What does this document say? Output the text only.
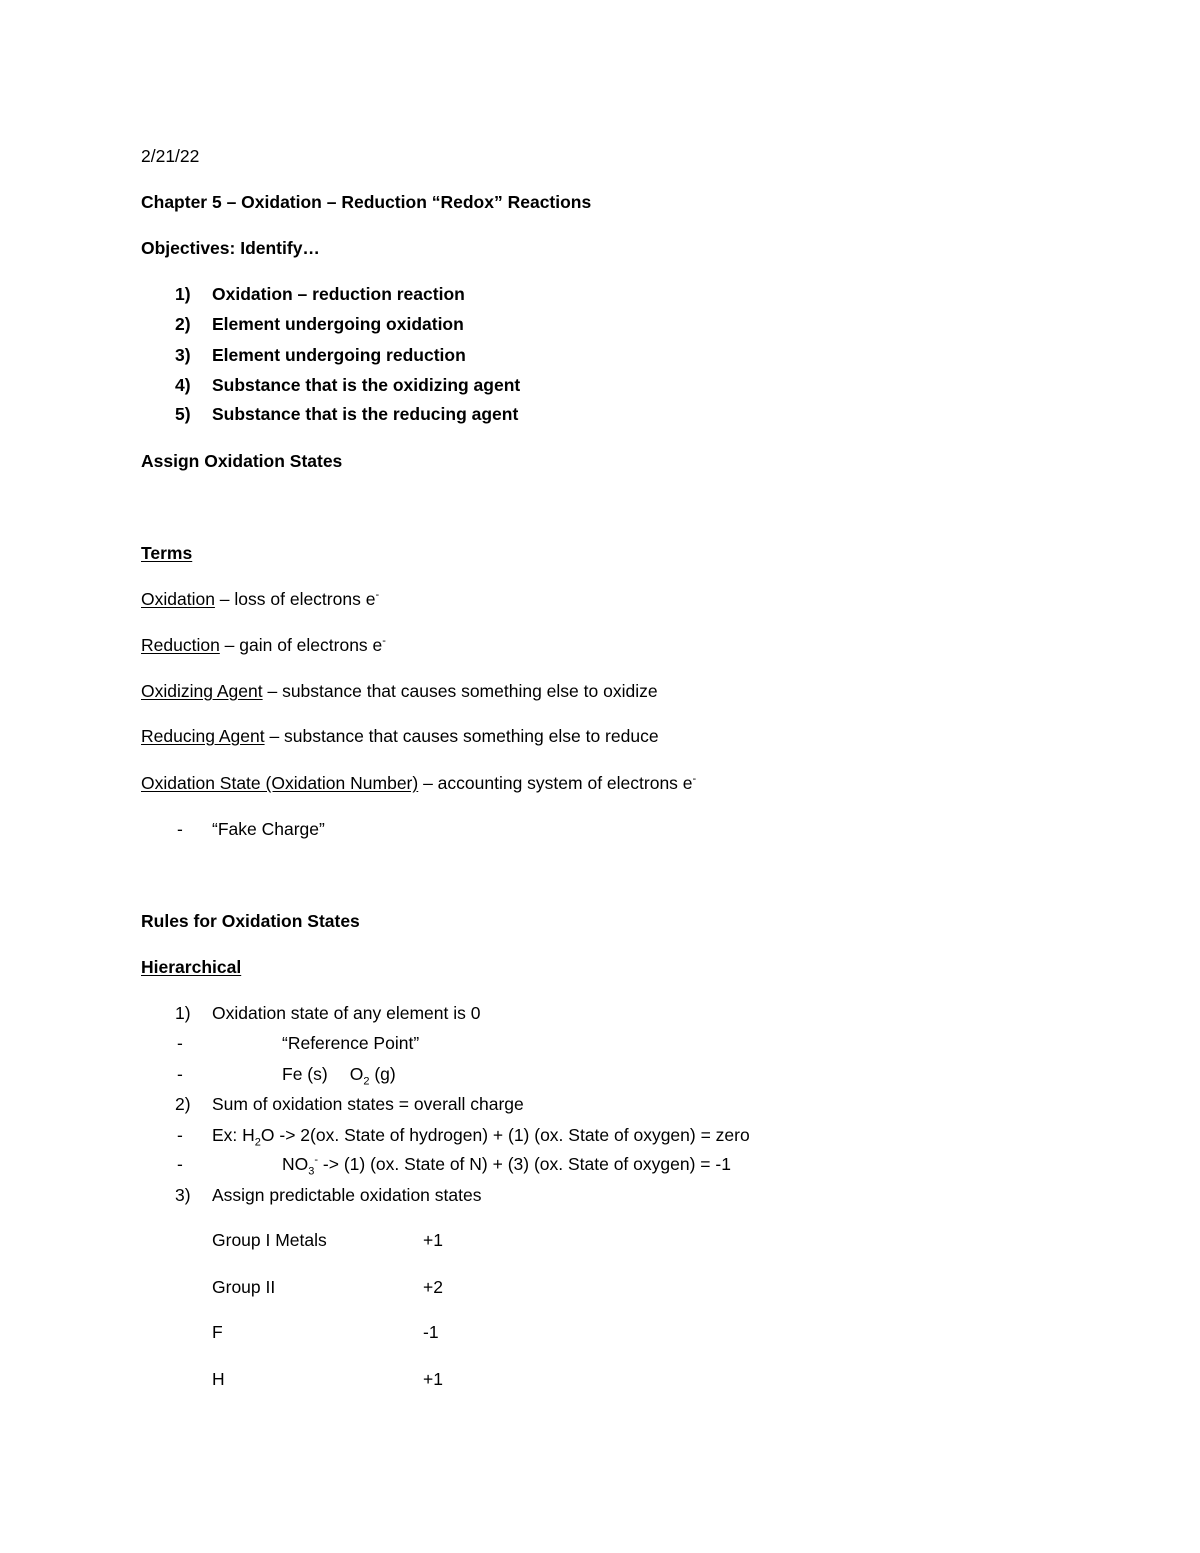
2/21/22
Chapter 5 – Oxidation – Reduction “Redox” Reactions
Objectives: Identify…
1) Oxidation – reduction reaction
2) Element undergoing oxidation
3) Element undergoing reduction
4) Substance that is the oxidizing agent
5) Substance that is the reducing agent
Assign Oxidation States
Terms
Oxidation – loss of electrons e-
Reduction – gain of electrons e-
Oxidizing Agent – substance that causes something else to oxidize
Reducing Agent – substance that causes something else to reduce
Oxidation State (Oxidation Number) – accounting system of electrons e-
- “Fake Charge”
Rules for Oxidation States
Hierarchical
1) Oxidation state of any element is 0
-	“Reference Point”
-	Fe (s) $O_2$ (g)
2) Sum of oxidation states = overall charge
- Ex: $H_2O -> 2(ox$. State of hydrogen) + (1) (ox. State of oxygen) = zero
-	$NO_3^- -> (1)$ (ox. State of N) + (3) (ox. State of oxygen) = -1
3) Assign predictable oxidation states
Group I Metals	+1
Group II	+2
F	-1
H	+1
